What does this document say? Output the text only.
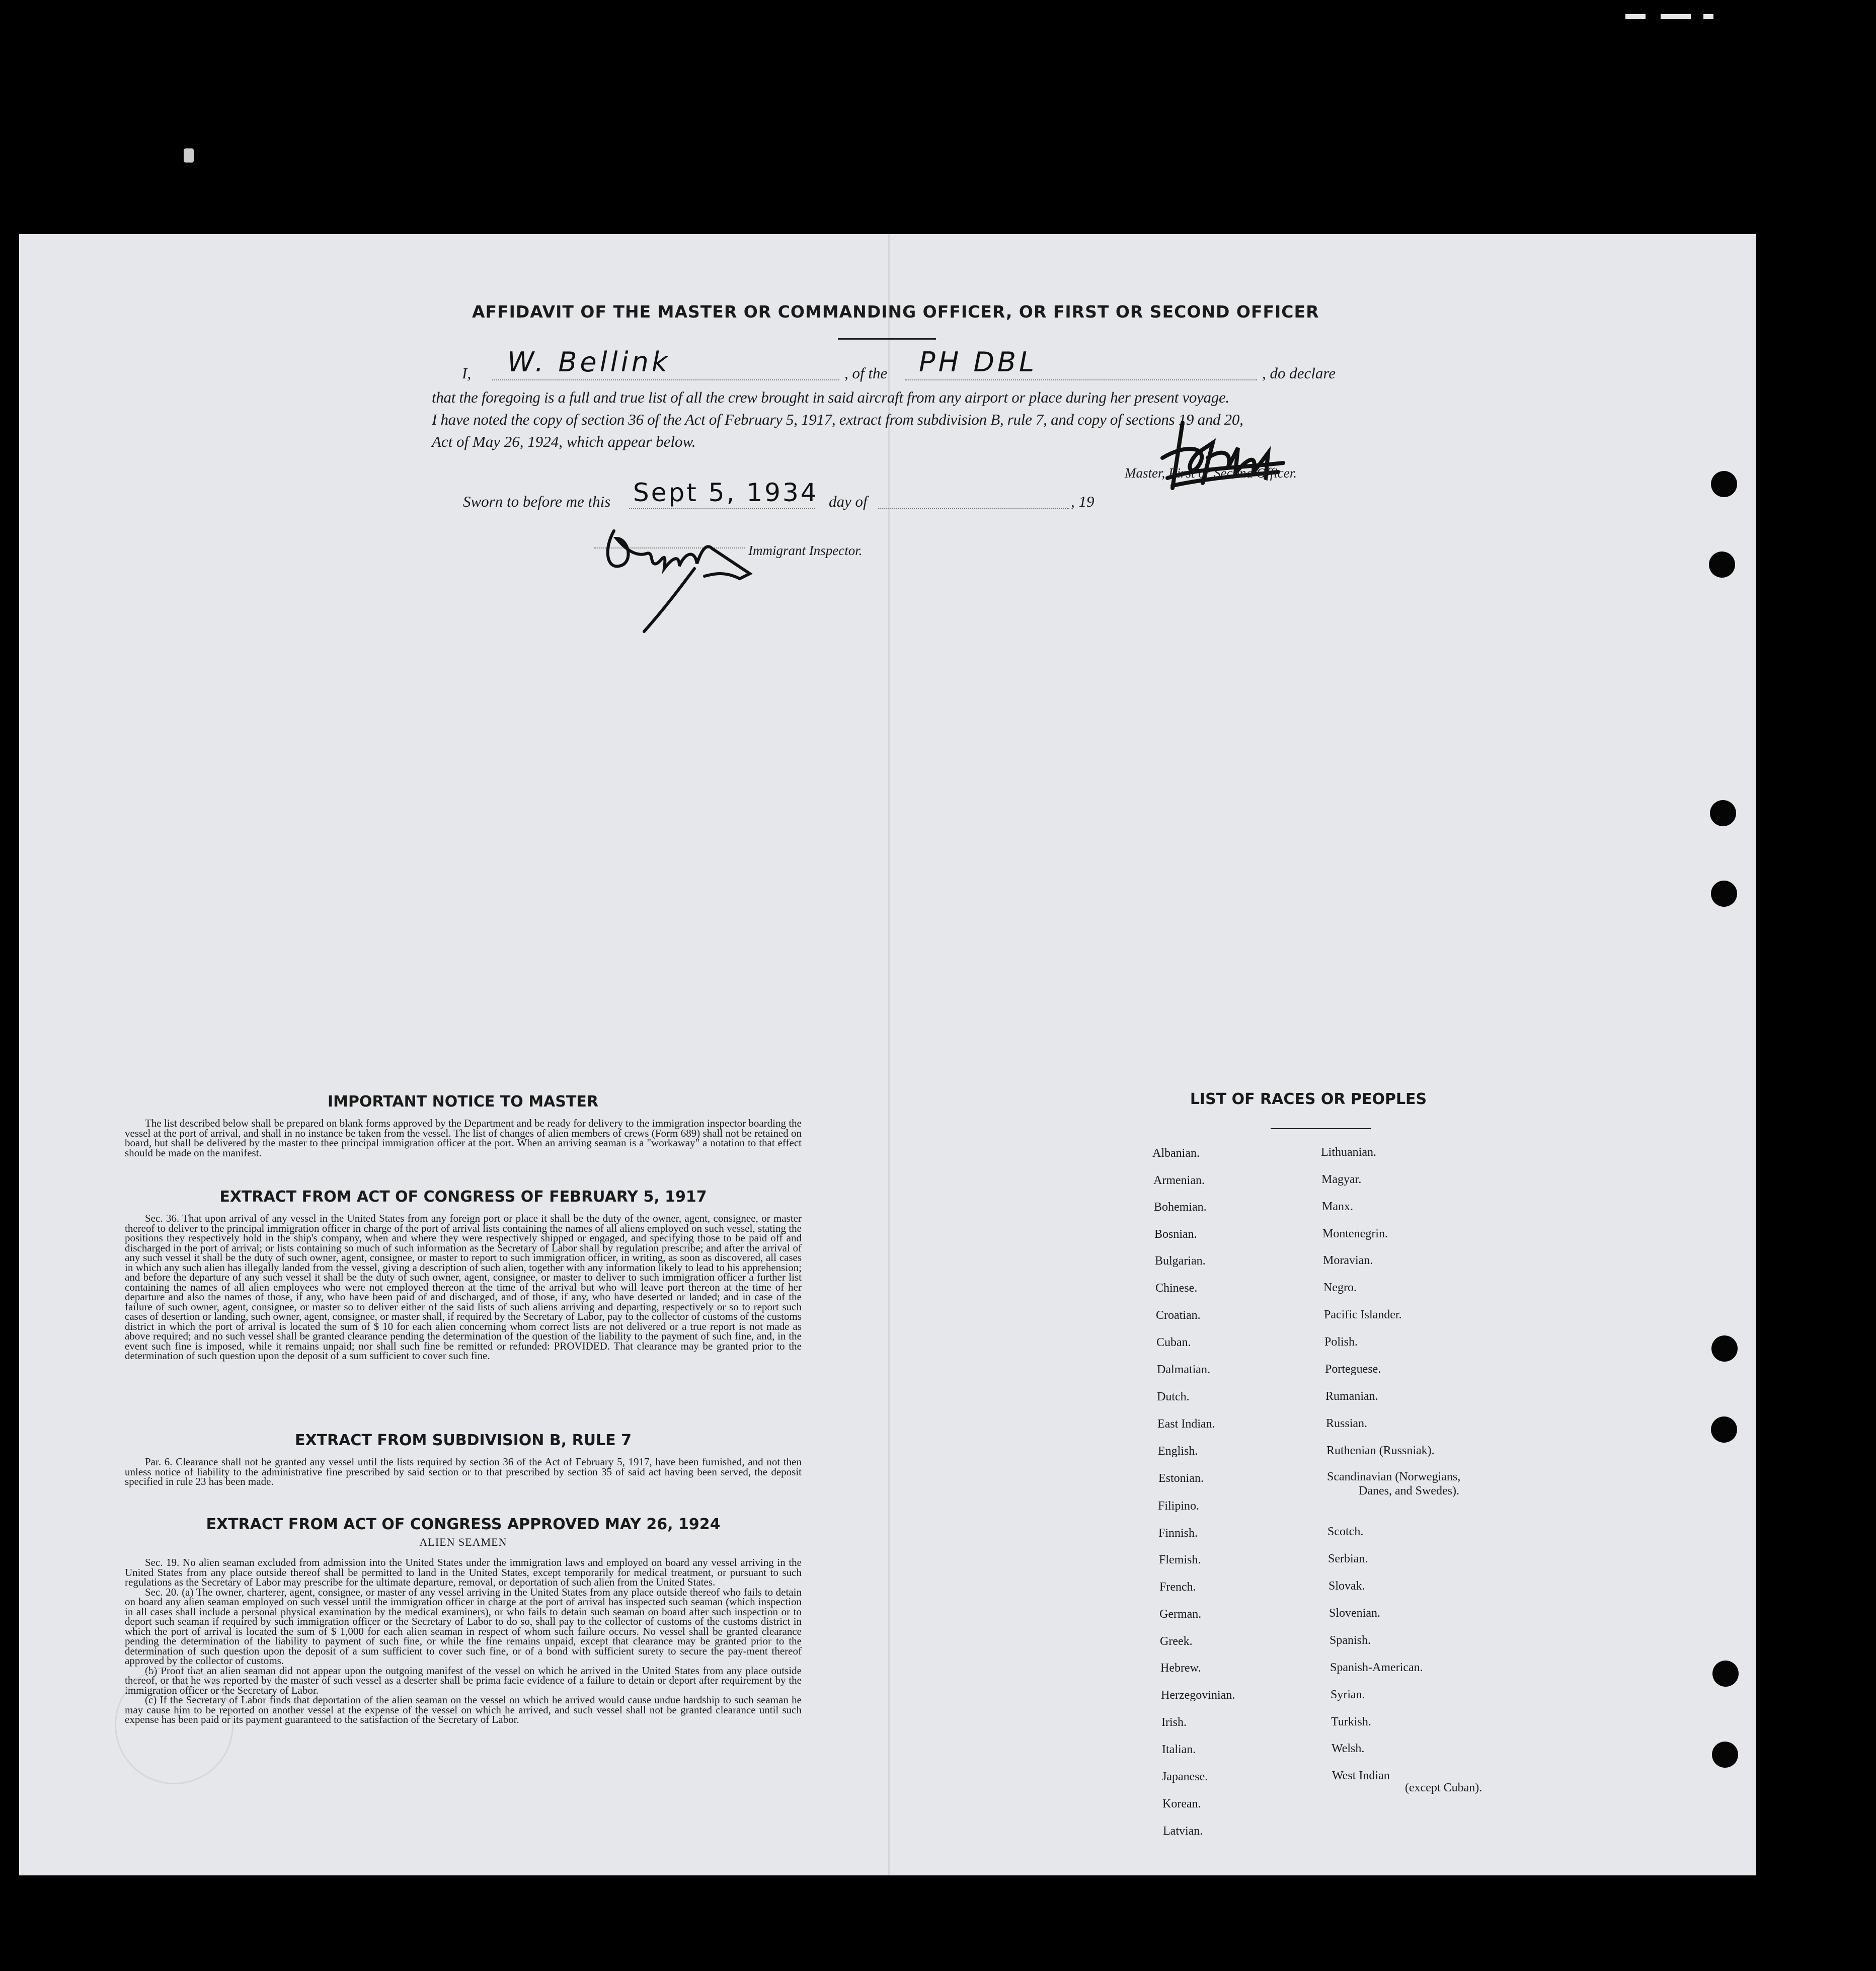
AFFIDAVIT OF THE MASTER OR COMMANDING OFFICER, OR FIRST OR SECOND OFFICER
I, W. Bellink	, of the PH DBL	, do declare
that the foregoing is a full and true list of all the crew brought in said aircraft from any airport or place during her present voyage.
I have noted the copy of section 36 of the Act of February 5, 1917, extract from subdivision B, rule 7, and copy of sections 19 and 20,
Act of May 26, 1924, which appear below.
Master, First or Second Officer.
Sworn to before me this Sept 5, 1934 day of	, 19
Immigrant Inspector.
IMPORTANT NOTICE TO MASTER

The list described below shall be prepared on blank forms approved by the Department and be ready for delivery to the immigration inspector boarding the vessel at the port of arrival, and shall in no instance be taken from the vessel. The list of changes of alien members of crews (Form 689) shall not be retained on board, but shall be delivered by the master to thee principal immigration officer at the port. When an arriving seaman is a "workaway" a notation to that effect should be made on the manifest.

EXTRACT FROM ACT OF CONGRESS OF FEBRUARY 5, 1917

Sec. 36. That upon arrival of any vessel in the United States from any foreign port or place it shall be the duty of the owner, agent, consignee, or master thereof to deliver to the principal immigration officer in charge of the port of arrival lists containing the names of all aliens employed on such vessel, stating the positions they respectively hold in the ship's company, when and where they were respectively shipped or engaged, and specifying those to be paid off and discharged in the port of arrival; or lists containing so much of such information as the Secretary of Labor shall by regulation prescribe; and after the arrival of any such vessel it shall be the duty of such owner, agent, consignee, or master to report to such immigration officer, in writing, as soon as discovered, all cases in which any such alien has illegally landed from the vessel, giving a description of such alien, together with any information likely to lead to his apprehension; and before the departure of any such vessel it shall be the duty of such owner, agent, consignee, or master to deliver to such immigration officer a further list containing the names of all alien employees who were not employed thereon at the time of the arrival but who will leave port thereon at the time of her departure and also the names of those, if any, who have been paid of and discharged, and of those, if any, who have deserted or landed; and in case of the failure of such owner, agent, consignee, or master so to deliver either of the said lists of such aliens arriving and departing, respectively or so to report such cases of desertion or landing, such owner, agent, consignee, or master shall, if required by the Secretary of Labor, pay to the collector of customs of the customs district in which the port of arrival is located the sum of $ 10 for each alien concerning whom correct lists are not delivered or a true report is not made as above required; and no such vessel shall be granted clearance pending the determination of the question of the liability to the payment of such fine, and, in the event such fine is imposed, while it remains unpaid; nor shall such fine be remitted or refunded: PROVIDED. That clearance may be granted prior to the determination of such question upon the deposit of a sum sufficient to cover such fine.

EXTRACT FROM SUBDIVISION B, RULE 7

Par. 6. Clearance shall not be granted any vessel until the lists required by section 36 of the Act of February 5, 1917, have been furnished, and not then unless notice of liability to the administrative fine prescribed by said section or to that prescribed by section 35 of said act having been served, the deposit specified in rule 23 has been made.

EXTRACT FROM ACT OF CONGRESS APPROVED MAY 26, 1924
ALIEN SEAMEN

Sec. 19. No alien seaman excluded from admission into the United States under the immigration laws and employed on board any vessel arriving in the United States from any place outside thereof shall be permitted to land in the United States, except temporarily for medical treatment, or pursuant to such regulations as the Secretary of Labor may prescribe for the ultimate departure, removal, or deportation of such alien from the United States.

Sec. 20. (a) The owner, charterer, agent, consignee, or master of any vessel arriving in the United States from any place outside thereof who fails to detain on board any alien seaman employed on such vessel until the immigration officer in charge at the port of arrival has inspected such seaman (which inspection in all cases shall include a personal physical examination by the medical examiners), or who fails to detain such seaman on board after such inspection or to deport such seaman if required by such immigration officer or the Secretary of Labor to do so, shall pay to the collector of customs of the customs district in which the port of arrival is located the sum of $ 1,000 for each alien seaman in respect of whom such failure occurs. No vessel shall be granted clearance pending the determination of the liability to payment of such fine, or while the fine remains unpaid, except that clearance may be granted prior to the determination of such question upon the deposit of a sum sufficient to cover such fine, or of a bond with sufficient surety to secure the pay-ment thereof approved by the collector of customs.

(b) Proof that an alien seaman did not appear upon the outgoing manifest of the vessel on which he arrived in the United States from any place outside thereof, or that he was reported by the master of such vessel as a deserter shall be prima facie evidence of a failure to detain or deport after requirement by the immigration officer or the Secretary of Labor.

(c) If the Secretary of Labor finds that deportation of the alien seaman on the vessel on which he arrived would cause undue hardship to such seaman he may cause him to be reported on another vessel at the expense of the vessel on which he arrived, and such vessel shall not be granted clearance until such expense has been paid or its payment guaranteed to the satisfaction of the Secretary of Labor.

LIST OF RACES OR PEOPLES
Albanian.
Armenian.
Bohemian.
Bosnian.
Bulgarian.
Chinese.
Croatian.
Cuban.
Dalmatian.
Dutch.
East Indian.
English.
Estonian.
Filipino.
Finnish.
Flemish.
French.
German.
Greek.
Hebrew.
Herzegovinian.
Irish.
Italian.
Japanese.
Korean.
Latvian.
Lithuanian.
Magyar.
Manx.
Montenegrin.
Moravian.
Negro.
Pacific Islander.
Polish.
Porteguese.
Rumanian.
Russian.
Ruthenian (Russniak).
Scandinavian (Norwegians,
Danes, and Swedes).
Scotch.
Serbian.
Slovak.
Slovenian.
Spanish.
Spanish-American.
Syrian.
Turkish.
Welsh.
West Indian
(except Cuban).
